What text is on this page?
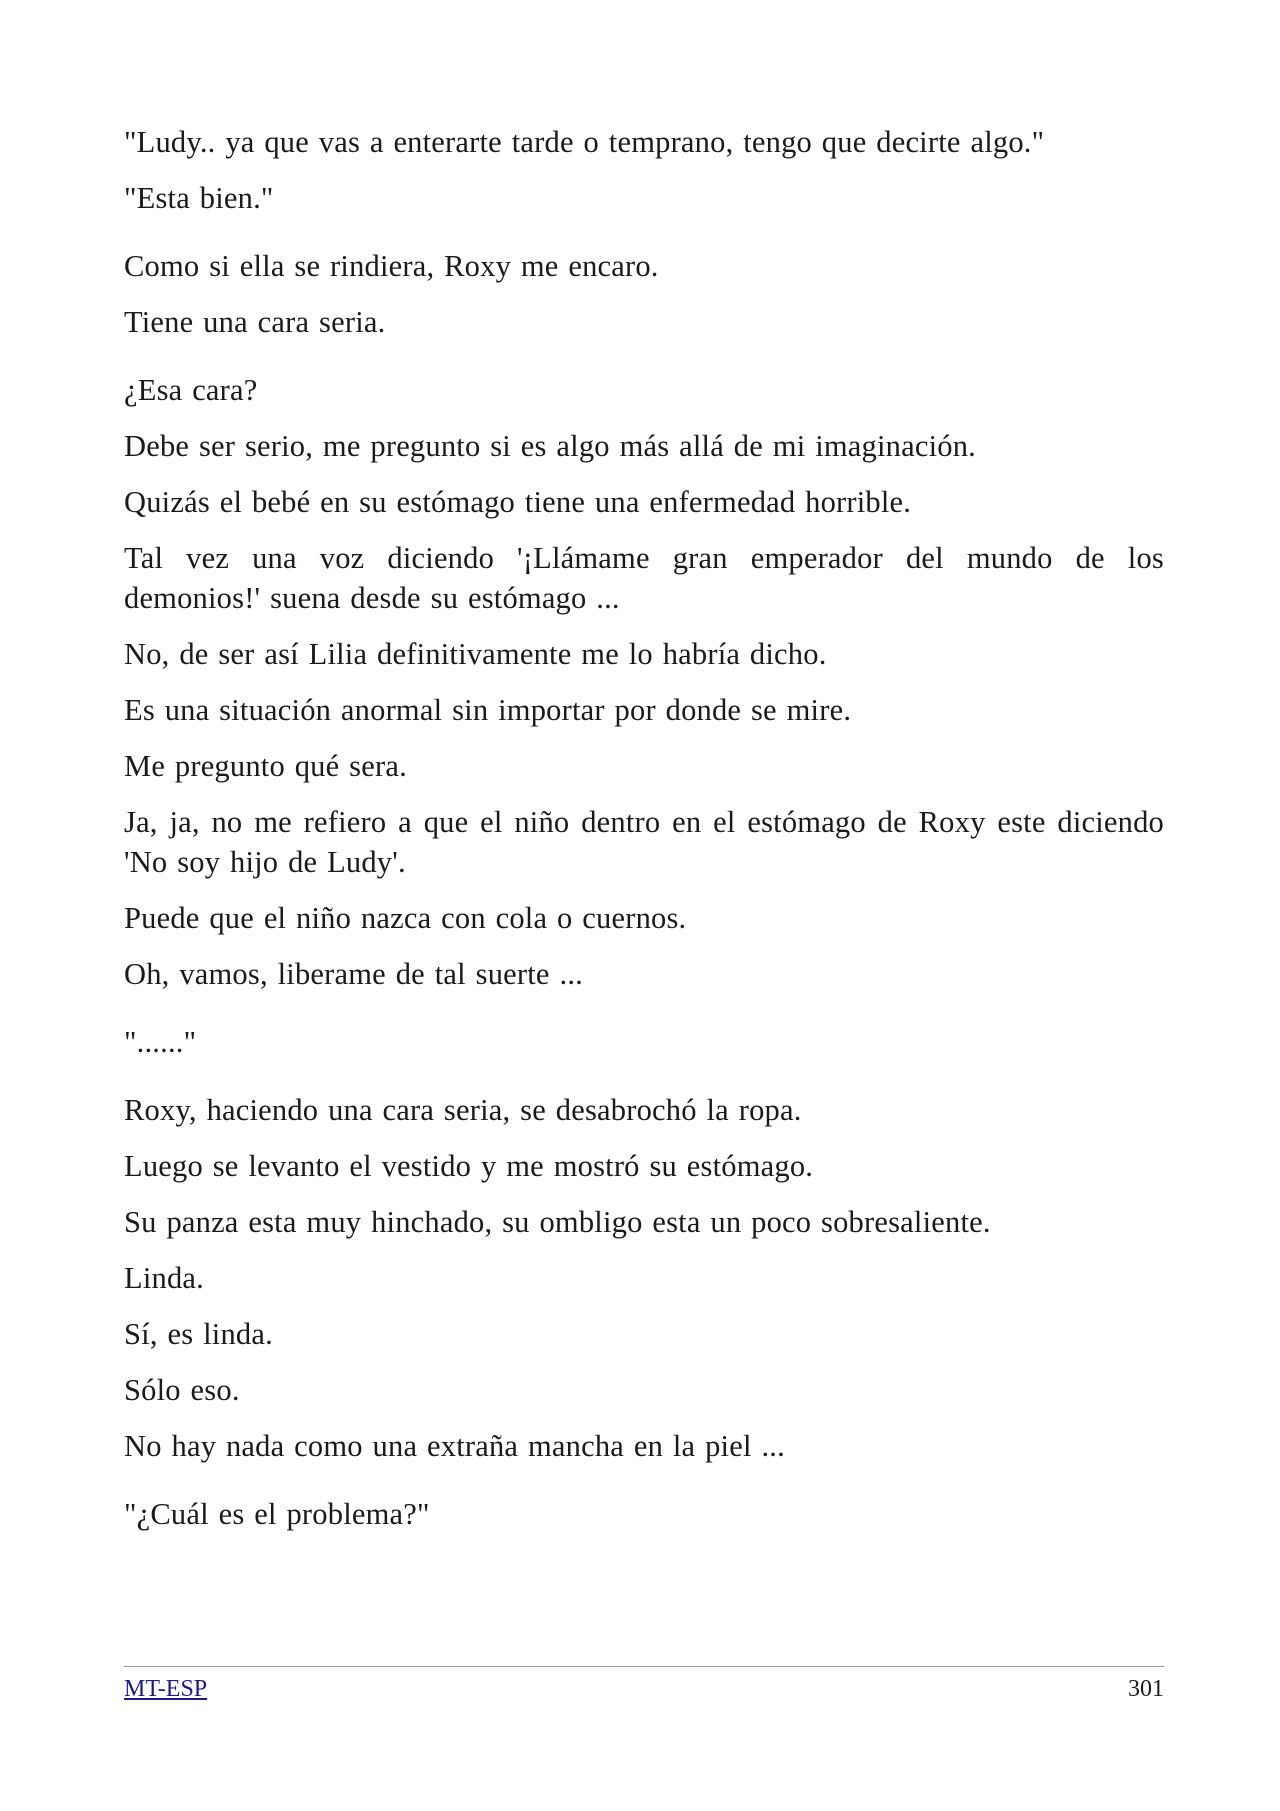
"Ludy.. ya que vas a enterarte tarde o temprano, tengo que decirte algo."

"Esta bien."

Como si ella se rindiera, Roxy me encaro.

Tiene una cara seria.

¿Esa cara?

Debe ser serio, me pregunto si es algo más allá de mi imaginación.

Quizás el bebé en su estómago tiene una enfermedad horrible.

Tal vez una voz diciendo '¡Llámame gran emperador del mundo de los demonios!' suena desde su estómago ...

No, de ser así Lilia definitivamente me lo habría dicho.

Es una situación anormal sin importar por donde se mire.

Me pregunto qué sera.

Ja, ja, no me refiero a que el niño dentro en el estómago de Roxy este diciendo 'No soy hijo de Ludy'.

Puede que el niño nazca con cola o cuernos.

Oh, vamos, liberame de tal suerte ...

"......"

Roxy, haciendo una cara seria, se desabrochó la ropa.

Luego se levanto el vestido y me mostró su estómago.

Su panza esta muy hinchado, su ombligo esta un poco sobresaliente.

Linda.

Sí, es linda.

Sólo eso.

No hay nada como una extraña mancha en la piel ...

"¿Cuál es el problema?"

MT-ESP	301
